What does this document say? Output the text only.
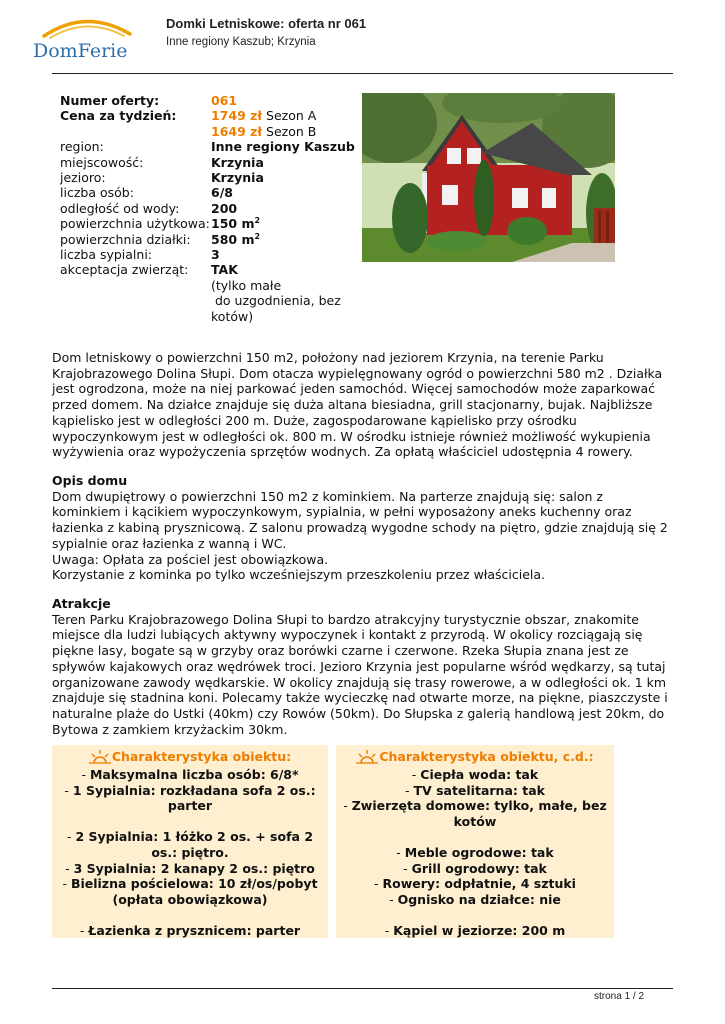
DomFerie
Domki Letniskowe: oferta nr 061
Inne regiony Kaszub; Krzynia
Numer oferty:	061
Cena za tydzień:	1749 zł Sezon A
1649 zł Sezon B
region:	Inne regiony Kaszub
miejscowość:	Krzynia
jezioro:	Krzynia
liczba osób:	6/8
odległość od wody:	200
powierzchnia użytkowa: 150 $m^2$
powierzchnia działki:	580 $m^2$
liczba sypialni:	3
akceptacja zwierząt:	TAK
(tylko małe
do uzgodnienia, bez
kotów)
Dom letniskowy o powierzchni 150 m2, położony nad jeziorem Krzynia, na terenie Parku Krajobrazowego Dolina Słupi. Dom otacza wypielęgnowany ogród o powierzchni 580 m2 . Działka jest ogrodzona, może na niej parkować jeden samochód. Więcej samochodów może zaparkować przed domem. Na działce znajduje się duża altana biesiadna, grill stacjonarny, bujak. Najbliższe kąpielisko jest w odległości 200 m. Duże, zagospodarowane kąpielisko przy ośrodku wypoczynkowym jest w odległości ok. 800 m. W ośrodku istnieje również możliwość wykupienia wyżywienia oraz wypożyczenia sprzętów wodnych. Za opłatą właściciel udostępnia 4 rowery.
Opis domu
Dom dwupiętrowy o powierzchni 150 m2 z kominkiem. Na parterze znajdują się: salon z kominkiem i kącikiem wypoczynkowym, sypialnia, w pełni wyposażony aneks kuchenny oraz łazienka z kabiną prysznicową. Z salonu prowadzą wygodne schody na piętro, gdzie znajdują się 2 sypialnie oraz łazienka z wanną i WC.
Uwaga: Opłata za pościel jest obowiązkowa.
Korzystanie z kominka po tylko wcześniejszym przeszkoleniu przez właściciela.
Atrakcje
Teren Parku Krajobrazowego Dolina Słupi to bardzo atrakcyjny turystycznie obszar, znakomite miejsce dla ludzi lubiących aktywny wypoczynek i kontakt z przyrodą. W okolicy rozciągają się piękne lasy, bogate są w grzyby oraz borówki czarne i czerwone. Rzeka Słupia znana jest ze spływów kajakowych oraz wędrówek troci. Jezioro Krzynia jest popularne wśród wędkarzy, są tutaj organizowane zawody wędkarskie. W okolicy znajdują się trasy rowerowe, a w odległości ok. 1 km znajduje się stadnina koni. Polecamy także wycieczkę nad otwarte morze, na piękne, piaszczyste i naturalne plaże do Ustki (40km) czy Rowów (50km). Do Słupska z galerią handlową jest 20km, do Bytowa z zamkiem krzyżackim 30km.
Charakterystyka obiektu:
- Maksymalna liczba osób: 6/8*
- 1 Sypialnia: rozkładana sofa 2 os.: parter
- 2 Sypialnia: 1 łóżko 2 os. + sofa 2 os.: piętro.
- 3 Sypialnia: 2 kanapy 2 os.: piętro
- Bielizna pościelowa: 10 zł/os/pobyt (opłata obowiązkowa)
- Łazienka z prysznicem: parter
Charakterystyka obiektu, c.d.:
- Ciepła woda: tak
- TV satelitarna: tak
- Zwierzęta domowe: tylko, małe, bez kotów
- Meble ogrodowe: tak
- Grill ogrodowy: tak
- Rowery: odpłatnie, 4 sztuki
- Ognisko na działce: nie
- Kąpiel w jeziorze: 200 m
strona 1 / 2
